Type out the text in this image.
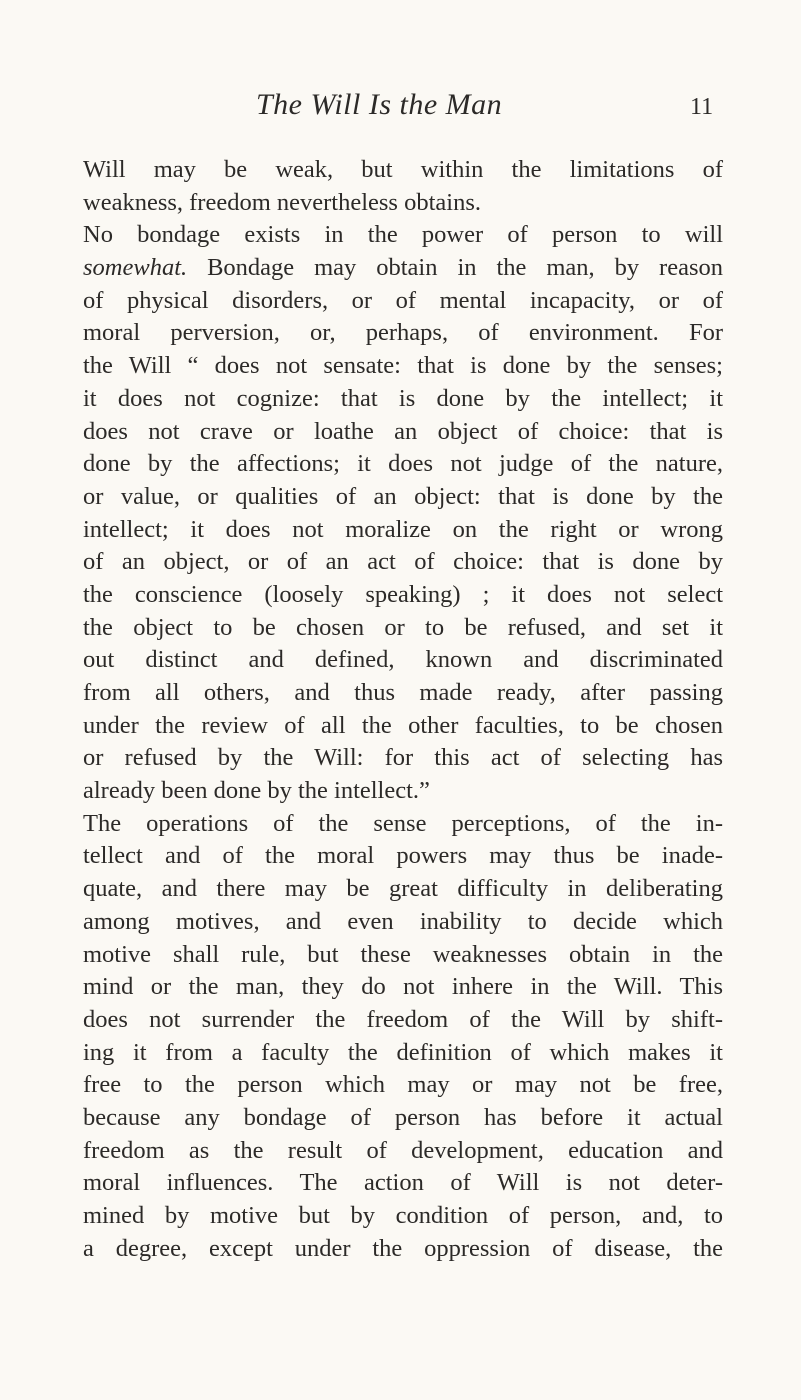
The Will Is the Man	11
Will may be weak, but within the limitations of
weakness, freedom nevertheless obtains.
No bondage exists in the power of person to will
somewhat. Bondage may obtain in the man, by reason
of physical disorders, or of mental incapacity, or of
moral perversion, or, perhaps, of environment. For
the Will “ does not sensate: that is done by the senses;
it does not cognize: that is done by the intellect; it
does not crave or loathe an object of choice: that is
done by the affections; it does not judge of the nature,
or value, or qualities of an object: that is done by the
intellect; it does not moralize on the right or wrong
of an object, or of an act of choice: that is done by
the conscience (loosely speaking) ; it does not select
the object to be chosen or to be refused, and set it
out distinct and defined, known and discriminated
from all others, and thus made ready, after passing
under the review of all the other faculties, to be chosen
or refused by the Will: for this act of selecting has
already been done by the intellect.”
The operations of the sense perceptions, of the in-
tellect and of the moral powers may thus be inade-
quate, and there may be great difficulty in deliberating
among motives, and even inability to decide which
motive shall rule, but these weaknesses obtain in the
mind or the man, they do not inhere in the Will. This
does not surrender the freedom of the Will by shift-
ing it from a faculty the definition of which makes it
free to the person which may or may not be free,
because any bondage of person has before it actual
freedom as the result of development, education and
moral influences. The action of Will is not deter-
mined by motive but by condition of person, and, to
a degree, except under the oppression of disease, the
